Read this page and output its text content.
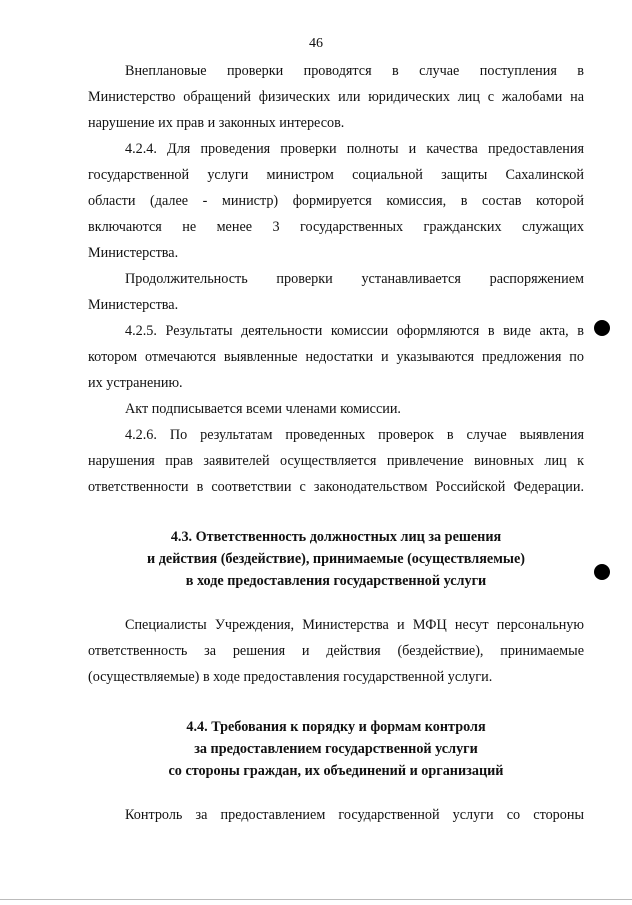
46
Внеплановые проверки проводятся в случае поступления в
Министерство обращений физических или юридических лиц с жалобами на
нарушение их прав и законных интересов.
4.2.4. Для проведения проверки полноты и качества предоставления
государственной услуги министром социальной защиты Сахалинской
области (далее - министр) формируется комиссия, в состав которой
включаются не менее 3 государственных гражданских служащих
Министерства.
Продолжительность проверки устанавливается распоряжением
Министерства.
4.2.5. Результаты деятельности комиссии оформляются в виде акта, в
котором отмечаются выявленные недостатки и указываются предложения по
их устранению.
Акт подписывается всеми членами комиссии.
4.2.6. По результатам проведенных проверок в случае выявления
нарушения прав заявителей осуществляется привлечение виновных лиц к
ответственности в соответствии с законодательством Российской Федерации.
4.3. Ответственность должностных лиц за решения
и действия (бездействие), принимаемые (осуществляемые)
в ходе предоставления государственной услуги
Специалисты Учреждения, Министерства и МФЦ несут персональную
ответственность за решения и действия (бездействие), принимаемые
(осуществляемые) в ходе предоставления государственной услуги.
4.4. Требования к порядку и формам контроля
за предоставлением государственной услуги
со стороны граждан, их объединений и организаций
Контроль за предоставлением государственной услуги со стороны
